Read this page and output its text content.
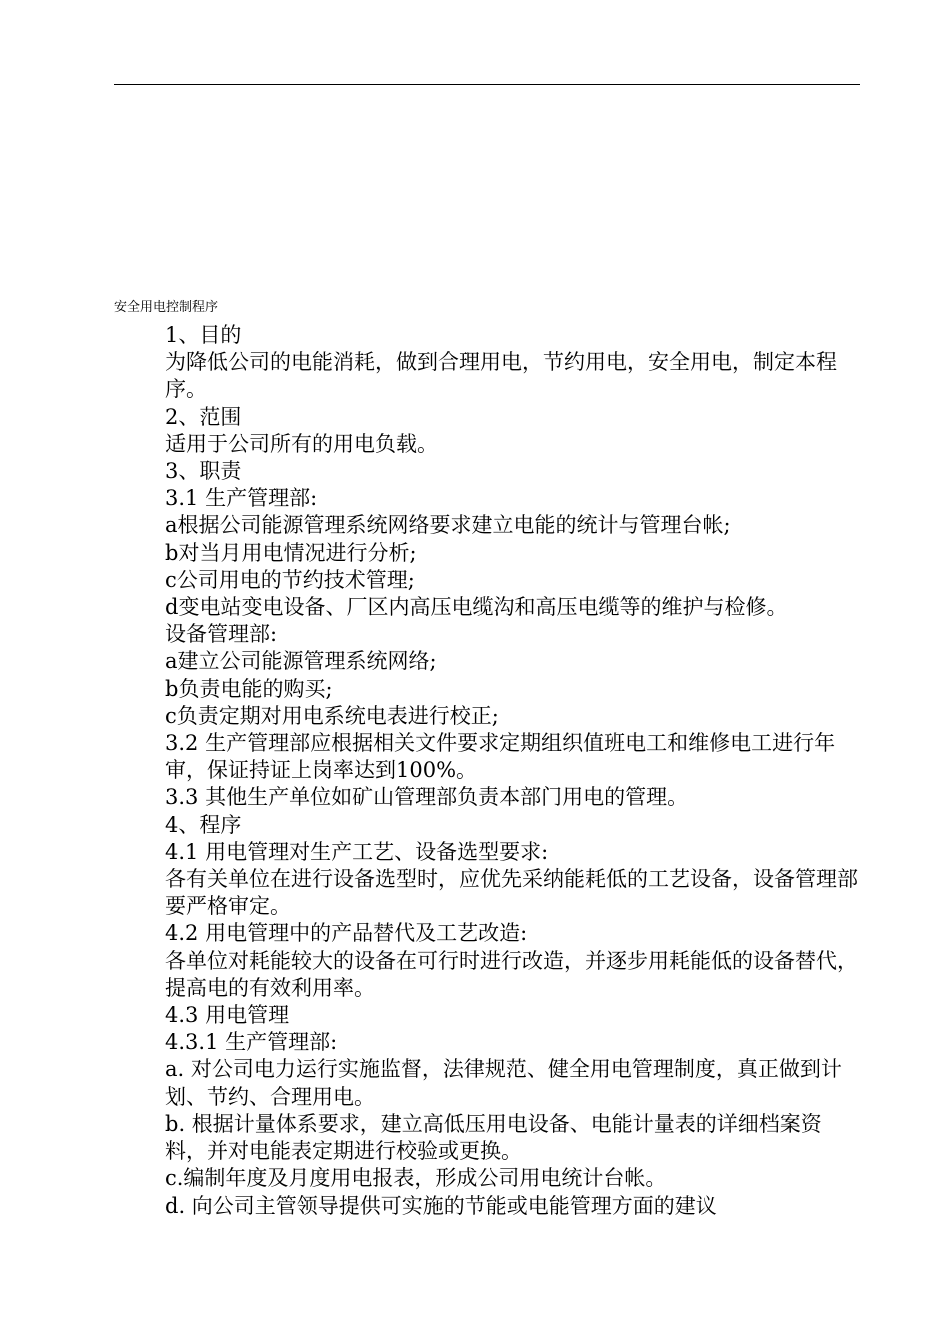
安全用电控制程序

1、目的

为降低公司的电能消耗，做到合理用电，节约用电，安全用电，制定本程序。

2、范围

适用于公司所有的用电负载。

3、职责

3.1 生产管理部:

a根据公司能源管理系统网络要求建立电能的统计与管理台帐;

b对当月用电情况进行分析;

c公司用电的节约技术管理;

d变电站变电设备、厂区内高压电缆沟和高压电缆等的维护与检修。

设备管理部:

a建立公司能源管理系统网络;

b负责电能的购买;

c负责定期对用电系统电表进行校正;

3.2 生产管理部应根据相关文件要求定期组织值班电工和维修电工进行年审，保证持证上岗率达到100%。

3.3 其他生产单位如矿山管理部负责本部门用电的管理。

4、程序

4.1 用电管理对生产工艺、设备选型要求:

各有关单位在进行设备选型时，应优先采纳能耗低的工艺设备，设备管理部要严格审定。

4.2 用电管理中的产品替代及工艺改造:

各单位对耗能较大的设备在可行时进行改造，并逐步用耗能低的设备替代，提高电的有效利用率。

4.3 用电管理

4.3.1 生产管理部:

a. 对公司电力运行实施监督，法律规范、健全用电管理制度，真正做到计划、节约、合理用电。

b. 根据计量体系要求，建立高低压用电设备、电能计量表的详细档案资料，并对电能表定期进行校验或更换。

c.编制年度及月度用电报表，形成公司用电统计台帐。

d. 向公司主管领导提供可实施的节能或电能管理方面的建议
